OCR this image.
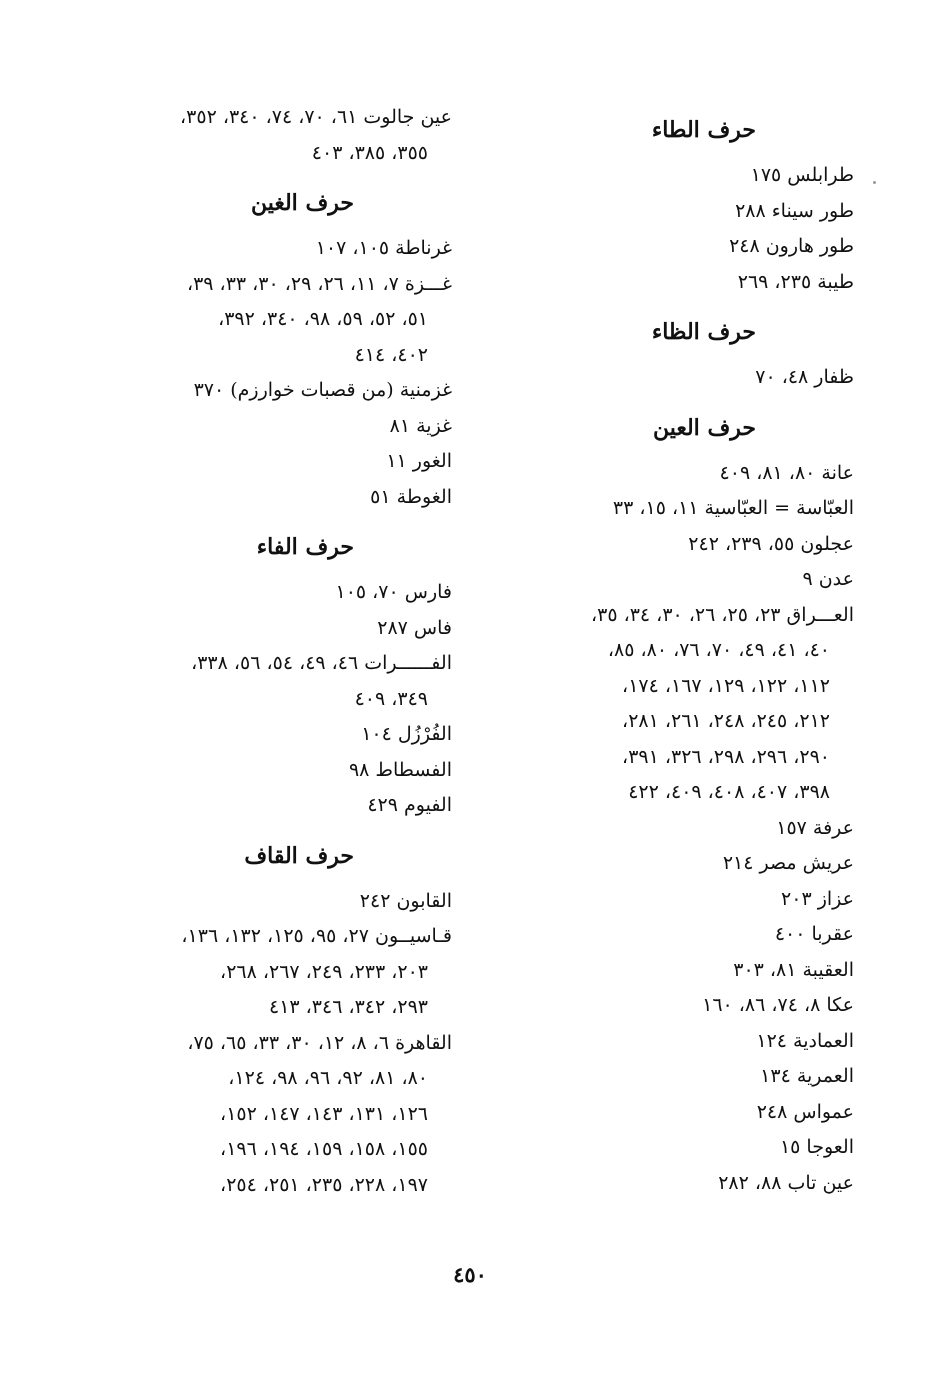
حرف الطاء
طرابلس ١٧٥
طور سيناء ٢٨٨
طور هارون ٢٤٨
طيبة ٢٣٥، ٢٦٩
حرف الظاء
ظفار ٤٨، ٧٠
حرف العين
عانة ٨٠، ٨١، ٤٠٩
العبّاسة = العبّاسية ١١، ١٥، ٣٣
عجلون ٥٥، ٢٣٩، ٢٤٢
عدن ٩
العـــراق ٢٣، ٢٥، ٢٦، ٣٠، ٣٤، ٣٥،
٤٠، ٤١، ٤٩، ٧٠، ٧٦، ٨٠، ٨٥،
١١٢، ١٢٢، ١٢٩، ١٦٧، ١٧٤،
٢١٢، ٢٤٥، ٢٤٨، ٢٦١، ٢٨١،
٢٩٠، ٢٩٦، ٢٩٨، ٣٢٦، ٣٩١،
٣٩٨، ٤٠٧، ٤٠٨، ٤٠٩، ٤٢٢
عرفة ١٥٧
عريش مصر ٢١٤
عزاز ٢٠٣
عقربا ٤٠٠
العقيبة ٨١، ٣٠٣
عكا ٨، ٧٤، ٨٦، ١٦٠
العمادية ١٢٤
العمرية ١٣٤
عمواس ٢٤٨
العوجا ١٥
عين تاب ٨٨، ٢٨٢
عين جالوت ٦١، ٧٠، ٧٤، ٣٤٠، ٣٥٢،
٣٥٥، ٣٨٥، ٤٠٣
حرف الغين
غرناطة ١٠٥، ١٠٧
غـــزة ٧، ١١، ٢٦، ٢٩، ٣٠، ٣٣، ٣٩،
٥١، ٥٢، ٥٩، ٩٨، ٣٤٠، ٣٩٢،
٤٠٢، ٤١٤
غزمنية (من قصبات خوارزم) ٣٧٠
غزية ٨١
الغور ١١
الغوطة ٥١
حرف الفاء
فارس ٧٠، ١٠٥
فاس ٢٨٧
الفــــــرات ٤٦، ٤٩، ٥٤، ٥٦، ٣٣٨،
٣٤٩، ٤٠٩
الفُرْزُل ١٠٤
الفسطاط ٩٨
الفيوم ٤٢٩
حرف القاف
القابون ٢٤٢
قـاسيــون ٢٧، ٩٥، ١٢٥، ١٣٢، ١٣٦،
٢٠٣، ٢٣٣، ٢٤٩، ٢٦٧، ٢٦٨،
٢٩٣، ٣٤٢، ٣٤٦، ٤١٣
القاهرة ٦، ٨، ١٢، ٣٠، ٣٣، ٦٥، ٧٥،
٨٠، ٨١، ٩٢، ٩٦، ٩٨، ١٢٤،
١٢٦، ١٣١، ١٤٣، ١٤٧، ١٥٢،
١٥٥، ١٥٨، ١٥٩، ١٩٤، ١٩٦،
١٩٧، ٢٢٨، ٢٣٥، ٢٥١، ٢٥٤،
٤٥٠
